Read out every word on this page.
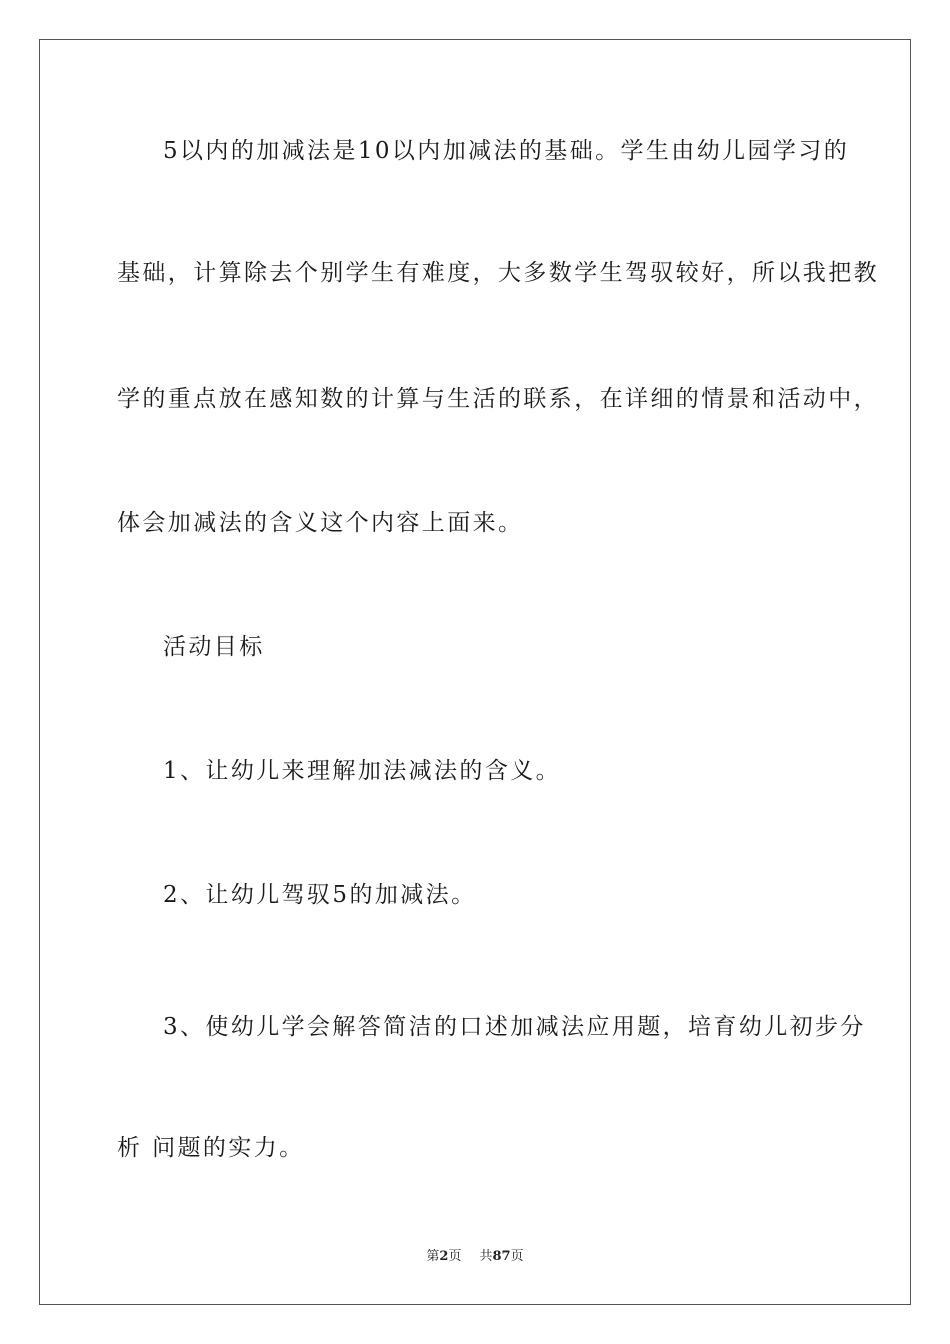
5以内的加减法是10以内加减法的基础。学生由幼儿园学习的
基础，计算除去个别学生有难度，大多数学生驾驭较好，所以我把教
学的重点放在感知数的计算与生活的联系，在详细的情景和活动中，
体会加减法的含义这个内容上面来。
活动目标
1、让幼儿来理解加法减法的含义。
2、让幼儿驾驭5的加减法。
3、使幼儿学会解答简洁的口述加减法应用题，培育幼儿初步分
析 问题的实力。
第2页 共87页
